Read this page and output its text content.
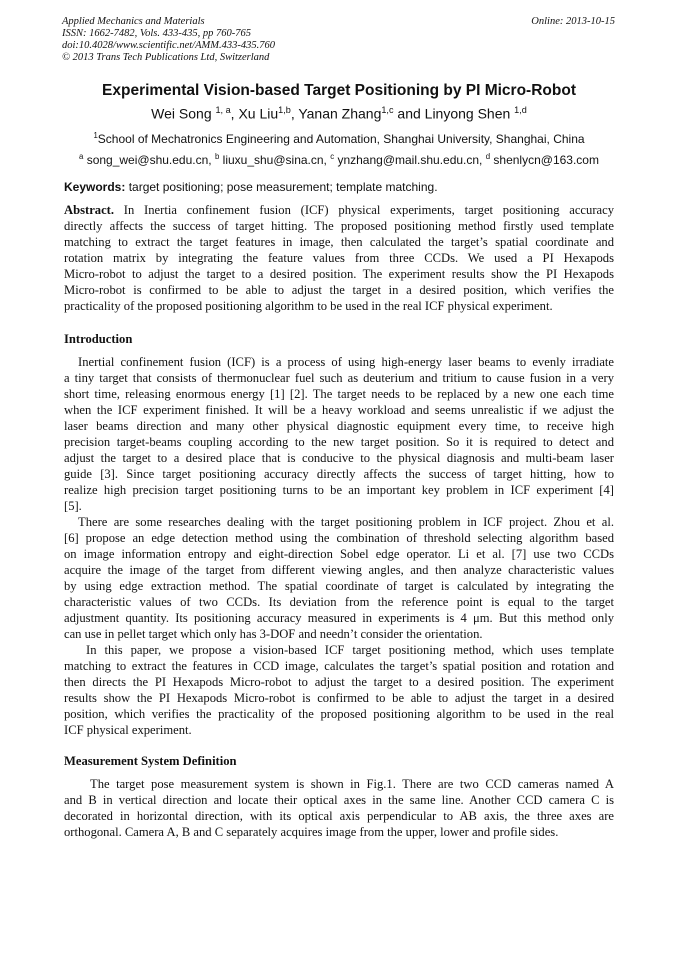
Applied Mechanics and Materials
ISSN: 1662-7482, Vols. 433-435, pp 760-765
doi:10.4028/www.scientific.net/AMM.433-435.760
© 2013 Trans Tech Publications Ltd, Switzerland
Online: 2013-10-15
Experimental Vision-based Target Positioning by PI Micro-Robot
Wei Song $^{1, a}$, Xu Liu$^{1,b}$, Yanan Zhang$^{1,c}$ and Linyong Shen $^{1,d}$
$^1$School of Mechatronics Engineering and Automation, Shanghai University, Shanghai, China
$^a$ song_wei@shu.edu.cn, $^b$ liuxu_shu@sina.cn, $^c$ ynzhang@mail.shu.edu.cn, $^d$ shenlycn@163.com
Keywords: target positioning; pose measurement; template matching.
Abstract. In Inertia confinement fusion (ICF) physical experiments, target positioning accuracy
directly affects the success of target hitting. The proposed positioning method firstly used template
matching to extract the target features in image, then calculated the target’s spatial coordinate and
rotation matrix by integrating the feature values from three CCDs. We used a PI Hexapods
Micro-robot to adjust the target to a desired position. The experiment results show the PI Hexapods
Micro-robot is confirmed to be able to adjust the target in a desired position, which verifies the
practicality of the proposed positioning algorithm to be used in the real ICF physical experiment.
Introduction
Inertial confinement fusion (ICF) is a process of using high-energy laser beams to evenly irradiate
a tiny target that consists of thermonuclear fuel such as deuterium and tritium to cause fusion in a very
short time, releasing enormous energy [1] [2]. The target needs to be replaced by a new one each time
when the ICF experiment finished. It will be a heavy workload and seems unrealistic if we adjust the
laser beams direction and many other physical diagnostic equipment every time, to receive high
precision target-beams coupling according to the new target position. So it is required to detect and
adjust the target to a desired place that is conducive to the physical diagnosis and multi-beam laser
guide [3]. Since target positioning accuracy directly affects the success of target hitting, how to
realize high precision target positioning turns to be an important key problem in ICF experiment [4]
[5].
There are some researches dealing with the target positioning problem in ICF project. Zhou et al.
[6] propose an edge detection method using the combination of threshold selecting algorithm based
on image information entropy and eight-direction Sobel edge operator. Li et al. [7] use two CCDs
acquire the image of the target from different viewing angles, and then analyze characteristic values
by using edge extraction method. The spatial coordinate of target is calculated by integrating the
characteristic values of two CCDs. Its deviation from the reference point is equal to the target
adjustment quantity. Its positioning accuracy measured in experiments is 4 μm. But this method only
can use in pellet target which only has 3-DOF and needn’t consider the orientation.
In this paper, we propose a vision-based ICF target positioning method, which uses template
matching to extract the features in CCD image, calculates the target’s spatial position and rotation and
then directs the PI Hexapods Micro-robot to adjust the target to a desired position. The experiment
results show the PI Hexapods Micro-robot is confirmed to be able to adjust the target in a desired
position, which verifies the practicality of the proposed positioning algorithm to be used in the real
ICF physical experiment.
Measurement System Definition
The target pose measurement system is shown in Fig.1. There are two CCD cameras named A
and B in vertical direction and locate their optical axes in the same line. Another CCD camera C is
decorated in horizontal direction, with its optical axis perpendicular to AB axis, the three axes are
orthogonal. Camera A, B and C separately acquires image from the upper, lower and profile sides.
